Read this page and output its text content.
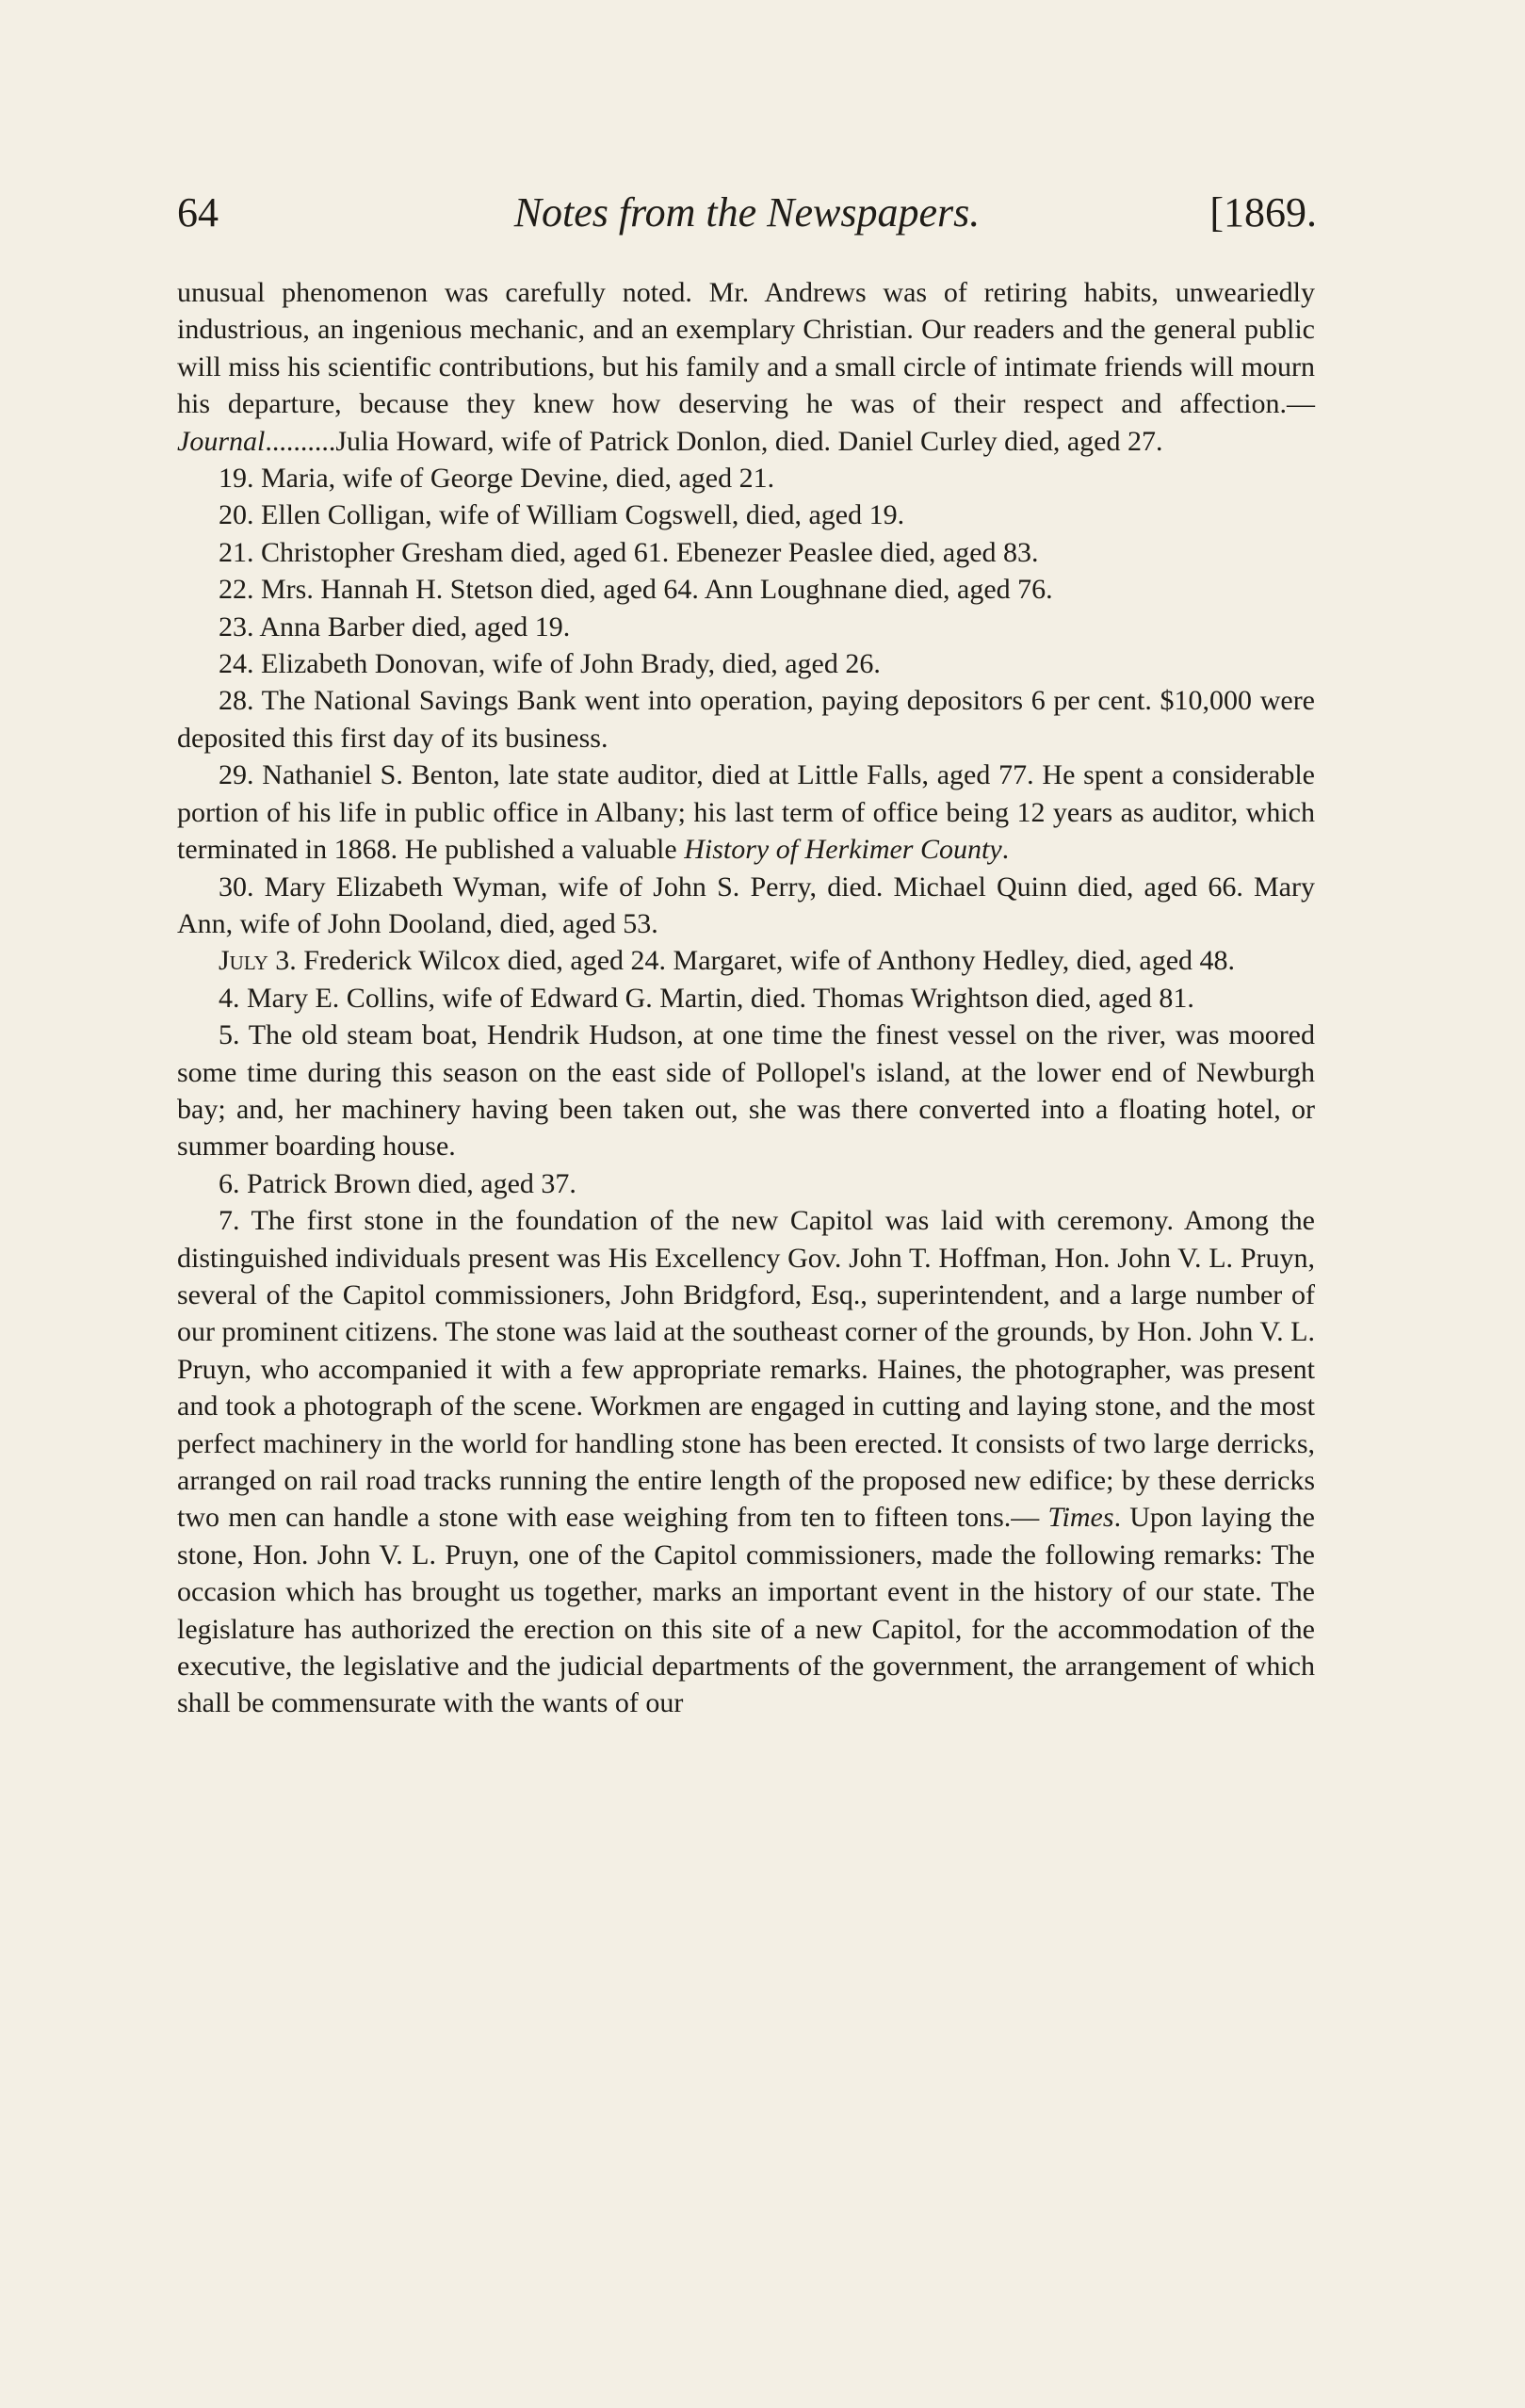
64	Notes from the Newspapers.	[1869.

unusual phenomenon was carefully noted. Mr. Andrews was of retiring habits, unweariedly industrious, an ingenious mechanic, and an exemplary Christian. Our readers and the general public will miss his scientific contributions, but his family and a small circle of intimate friends will mourn his departure, because they knew how deserving he was of their respect and affection.—Journal..........Julia Howard, wife of Patrick Donlon, died. Daniel Curley died, aged 27.

19. Maria, wife of George Devine, died, aged 21.

20. Ellen Colligan, wife of William Cogswell, died, aged 19.

21. Christopher Gresham died, aged 61. Ebenezer Peaslee died, aged 83.

22. Mrs. Hannah H. Stetson died, aged 64. Ann Loughnane died, aged 76.

23. Anna Barber died, aged 19.

24. Elizabeth Donovan, wife of John Brady, died, aged 26.

28. The National Savings Bank went into operation, paying depositors 6 per cent. $10,000 were deposited this first day of its business.

29. Nathaniel S. Benton, late state auditor, died at Little Falls, aged 77. He spent a considerable portion of his life in public office in Albany; his last term of office being 12 years as auditor, which terminated in 1868. He published a valuable History of Herkimer County.

30. Mary Elizabeth Wyman, wife of John S. Perry, died. Michael Quinn died, aged 66. Mary Ann, wife of John Dooland, died, aged 53.

July 3. Frederick Wilcox died, aged 24. Margaret, wife of Anthony Hedley, died, aged 48.

4. Mary E. Collins, wife of Edward G. Martin, died. Thomas Wrightson died, aged 81.

5. The old steam boat, Hendrik Hudson, at one time the finest vessel on the river, was moored some time during this season on the east side of Pollopel's island, at the lower end of Newburgh bay; and, her machinery having been taken out, she was there converted into a floating hotel, or summer boarding house.

6. Patrick Brown died, aged 37.

7. The first stone in the foundation of the new Capitol was laid with ceremony. Among the distinguished individuals present was His Excellency Gov. John T. Hoffman, Hon. John V. L. Pruyn, several of the Capitol commissioners, John Bridgford, Esq., superintendent, and a large number of our prominent citizens. The stone was laid at the southeast corner of the grounds, by Hon. John V. L. Pruyn, who accompanied it with a few appropriate remarks. Haines, the photographer, was present and took a photograph of the scene. Workmen are engaged in cutting and laying stone, and the most perfect machinery in the world for handling stone has been erected. It consists of two large derricks, arranged on rail road tracks running the entire length of the proposed new edifice; by these derricks two men can handle a stone with ease weighing from ten to fifteen tons.— Times. Upon laying the stone, Hon. John V. L. Pruyn, one of the Capitol commissioners, made the following remarks: The occasion which has brought us together, marks an important event in the history of our state. The legislature has authorized the erection on this site of a new Capitol, for the accommodation of the executive, the legislative and the judicial departments of the government, the arrangement of which shall be commensurate with the wants of our
